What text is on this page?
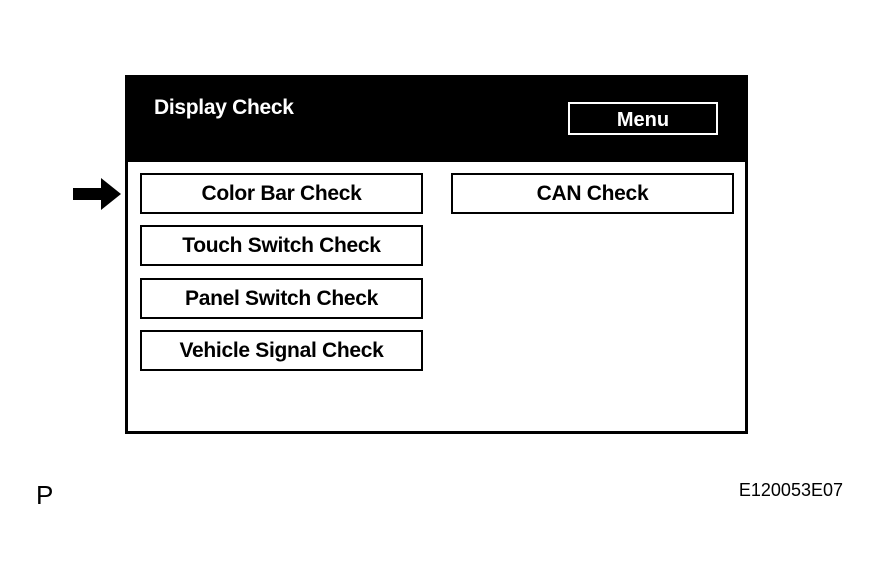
Display Check
Menu
Color Bar Check
Touch Switch Check
Panel Switch Check
Vehicle Signal Check
CAN Check
P	E120053E07
